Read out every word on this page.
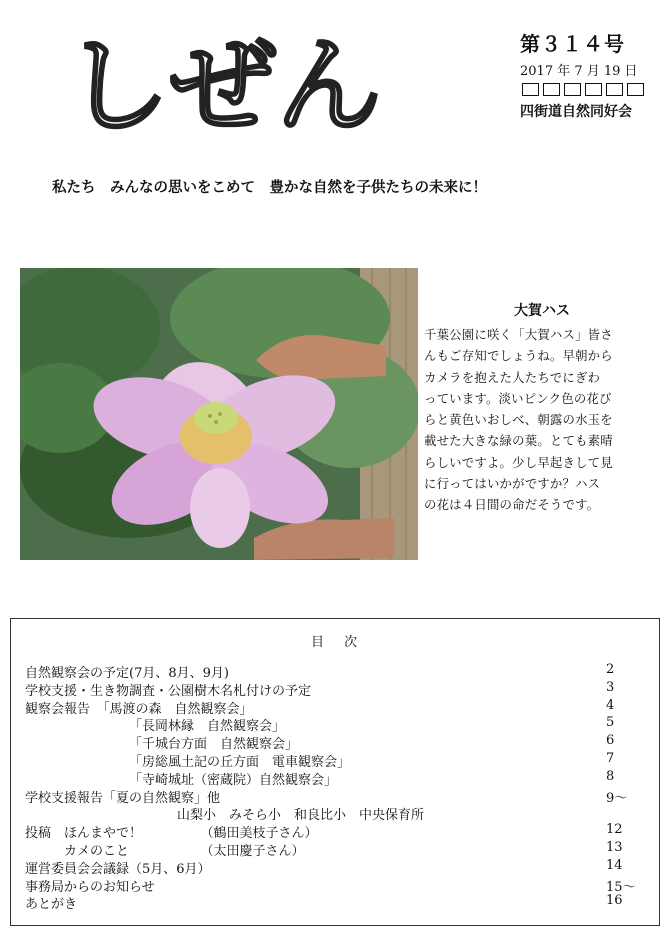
しぜん	第３１４号
2017 年 7 月 19 日
四街道自然同好会
私たち　みんなの思いをこめて　豊かな自然を子供たちの未来に！
大賀ハス
千葉公園に咲く「大賀ハス」皆さ
んもご存知でしょうね。早朝から
カメラを抱えた人たちでにぎわ
っています。淡いピンク色の花び
らと黄色いおしべ、朝露の水玉を
載せた大きな緑の葉。とても素晴
らしいですよ。少し早起きして見
に行ってはいかがですか？ハス
の花は４日間の命だそうです。
目 次
自然観察会の予定(7月、8月、9月)	2
学校支援・生き物調査・公園樹木名札付けの予定	3
観察会報告　「馬渡の森　自然観察会」	4
「長岡林縁　自然観察会」	5
「千城台方面　自然観察会」	6
「房総風土記の丘方面　電車観察会」	7
「寺崎城址（密蔵院）自然観察会」	8
学校支援報告「夏の自然観察」他	9〜
山梨小　みそら小　和良比小　中央保育所
投稿　ほんまやで！　　　　　（鶴田美枝子さん）	12
　　　カメのこと　　　　　　（太田慶子さん）	13
運営委員会会議録（5月、6月）	14
事務局からのお知らせ	15〜
あとがき	16
